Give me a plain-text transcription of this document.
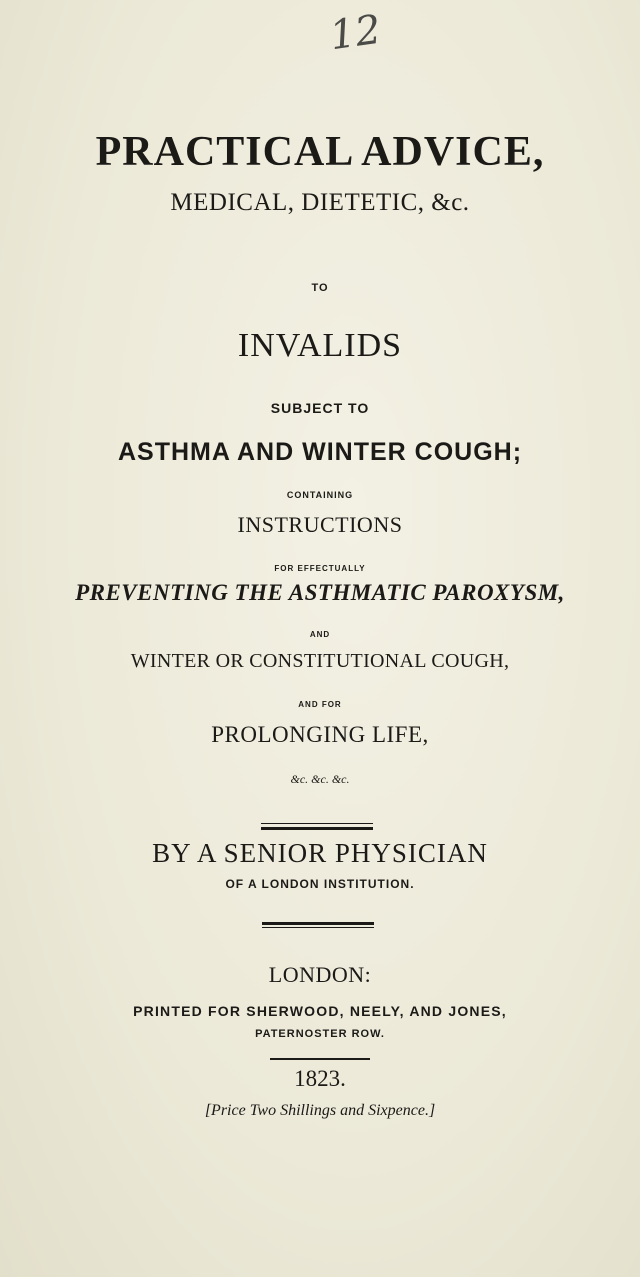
12
PRACTICAL ADVICE,
MEDICAL, DIETETIC, &c.
TO
INVALIDS
SUBJECT TO
ASTHMA AND WINTER COUGH;
CONTAINING
INSTRUCTIONS
FOR EFFECTUALLY
PREVENTING THE ASTHMATIC PAROXYSM,
AND
WINTER OR CONSTITUTIONAL COUGH,
AND FOR
PROLONGING LIFE,
&c. &c. &c.
BY A SENIOR PHYSICIAN
OF A LONDON INSTITUTION.
LONDON:
PRINTED FOR SHERWOOD, NEELY, AND JONES,
PATERNOSTER ROW.
1823.
[Price Two Shillings and Sixpence.]
